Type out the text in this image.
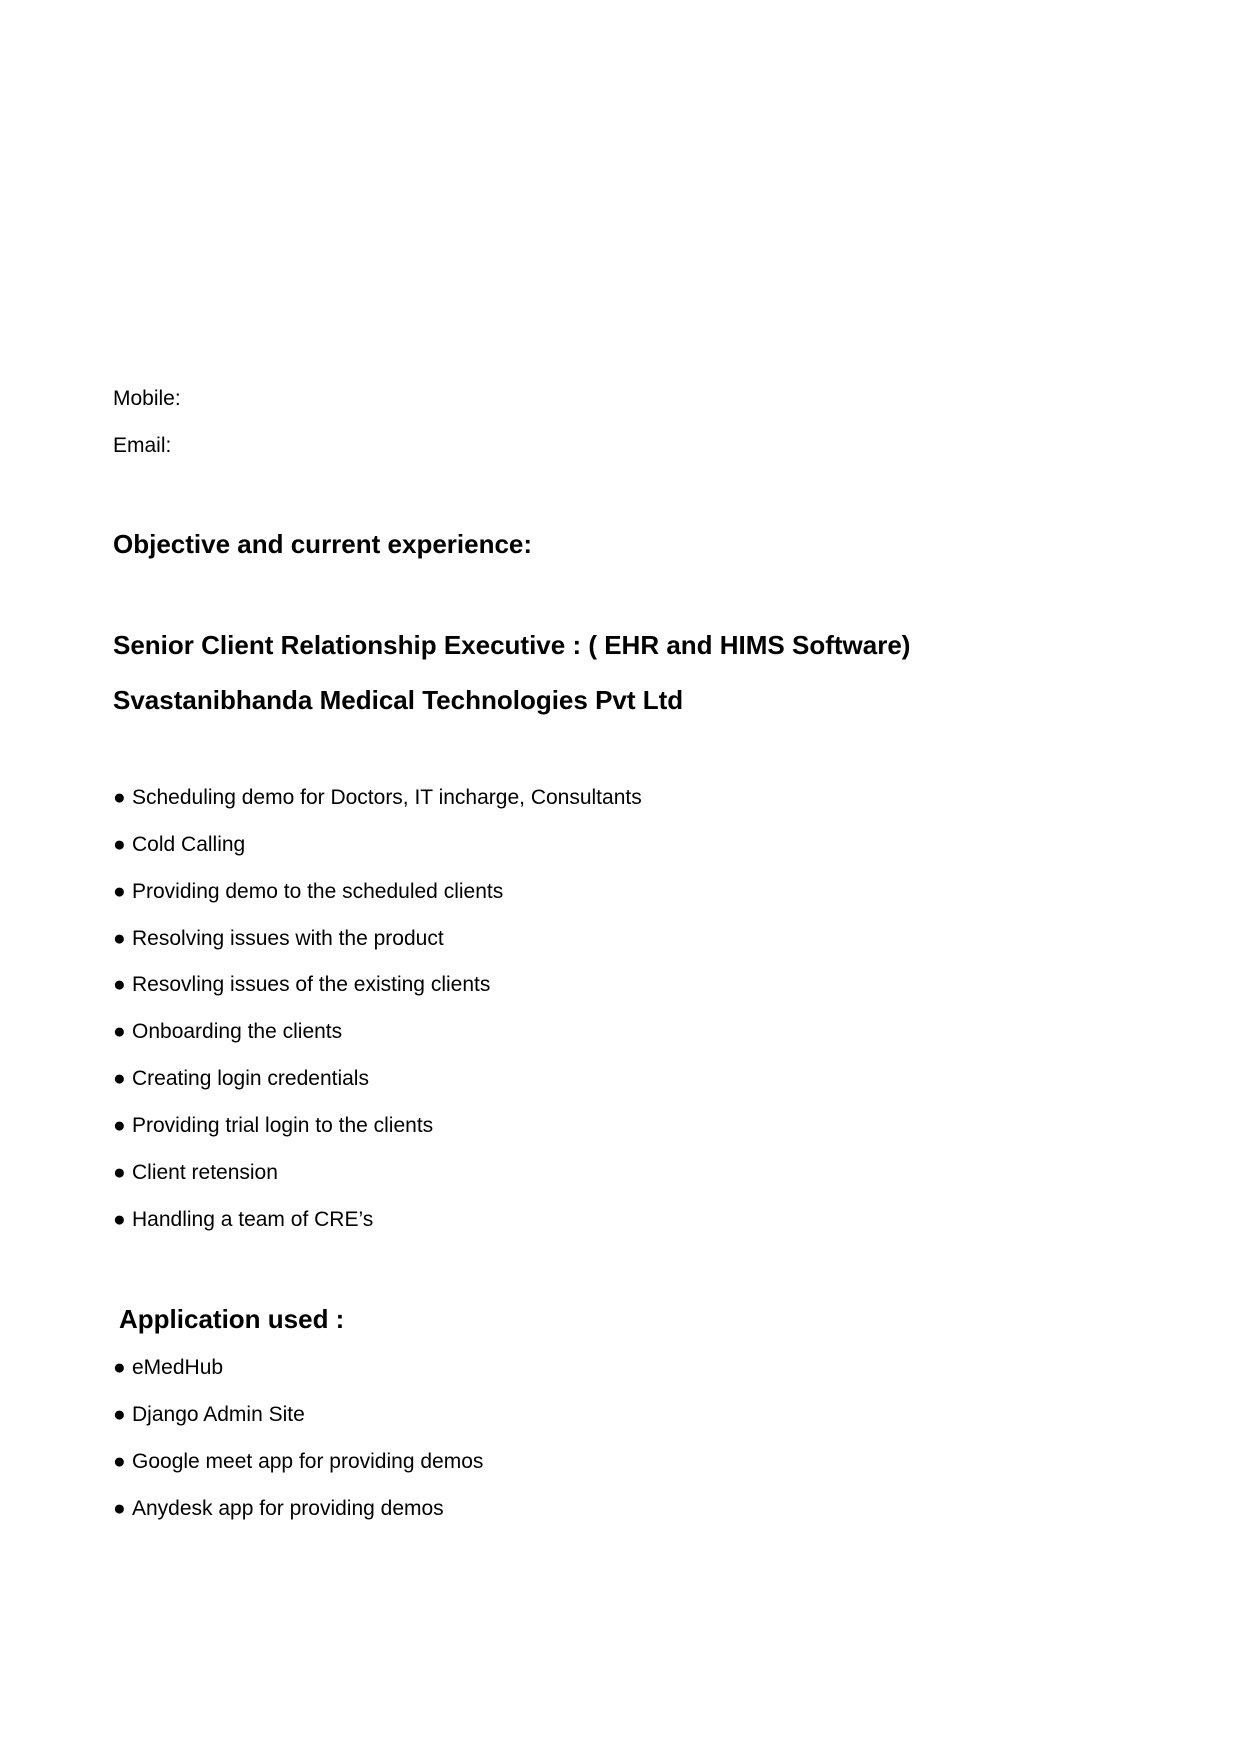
Mobile:
Email:
Objective and current experience:
Senior Client Relationship Executive : ( EHR and HIMS Software)
Svastanibhanda Medical Technologies Pvt Ltd
● Scheduling demo for Doctors, IT incharge, Consultants
● Cold Calling
● Providing demo to the scheduled clients
● Resolving issues with the product
● Resovling issues of the existing clients
● Onboarding the clients
● Creating login credentials
● Providing trial login to the clients
● Client retension
● Handling a team of CRE’s
Application used :
● eMedHub
● Django Admin Site
● Google meet app for providing demos
● Anydesk app for providing demos
